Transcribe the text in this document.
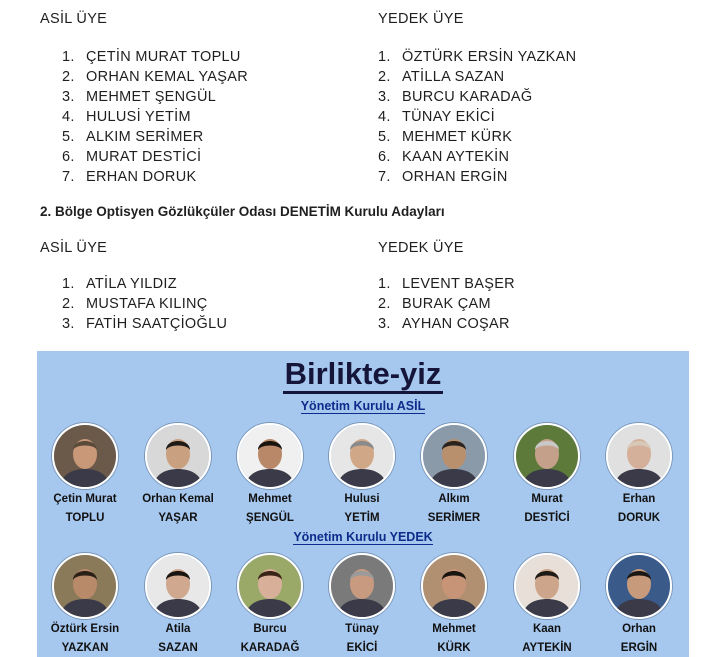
ASİL ÜYE	YEDEK ÜYE
1. ÇETİN MURAT TOPLU
2. ORHAN KEMAL YAŞAR
3. MEHMET ŞENGÜL
4. HULUSİ YETİM
5. ALKIM SERİMER
6. MURAT DESTİCİ
7. ERHAN DORUK
1. ÖZTÜRK ERSİN YAZKAN
2. ATİLLA SAZAN
3. BURCU KARADAĞ
4. TÜNAY EKİCİ
5. MEHMET KÜRK
6. KAAN AYTEKİN
7. ORHAN ERGİN
2. Bölge Optisyen Gözlükçüler Odası DENETİM Kurulu Adayları
ASİL ÜYE	YEDEK ÜYE
1. ATİLA YILDIZ
2. MUSTAFA KILINÇ
3. FATİH SAATÇİOĞLU
1. LEVENT BAŞER
2. BURAK ÇAM
3. AYHAN COŞAR
Birlikte-yiz
Yönetim Kurulu ASİL
Yönetim Kurulu YEDEK
Çetin Murat
TOPLU
Orhan Kemal
YAŞAR
Mehmet
ŞENGÜL
Hulusi
YETİM
Alkım
SERİMER
Murat
DESTİCİ
Erhan
DORUK
Öztürk Ersin
YAZKAN
Atila
SAZAN
Burcu
KARADAĞ
Tünay
EKİCİ
Mehmet
KÜRK
Kaan
AYTEKİN
Orhan
ERGİN
